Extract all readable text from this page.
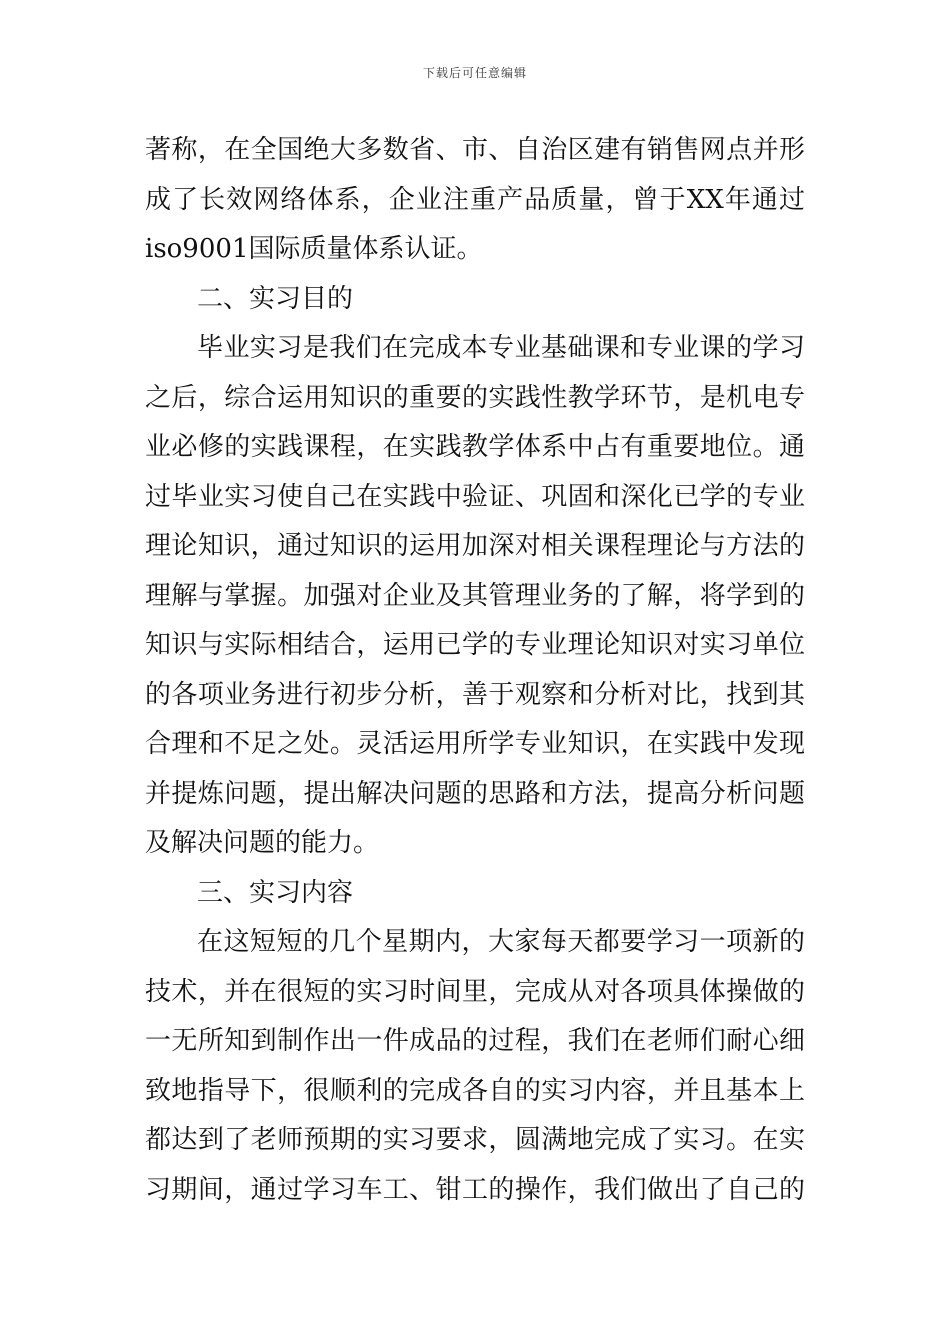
下载后可任意编辑
著称，在全国绝大多数省、市、自治区建有销售网点并形
成了长效网络体系，企业注重产品质量，曾于XX年通过
iso9001国际质量体系认证。
二、实习目的
毕业实习是我们在完成本专业基础课和专业课的学习
之后，综合运用知识的重要的实践性教学环节，是机电专
业必修的实践课程，在实践教学体系中占有重要地位。通
过毕业实习使自己在实践中验证、巩固和深化已学的专业
理论知识，通过知识的运用加深对相关课程理论与方法的
理解与掌握。加强对企业及其管理业务的了解，将学到的
知识与实际相结合，运用已学的专业理论知识对实习单位
的各项业务进行初步分析，善于观察和分析对比，找到其
合理和不足之处。灵活运用所学专业知识，在实践中发现
并提炼问题，提出解决问题的思路和方法，提高分析问题
及解决问题的能力。
三、实习内容
在这短短的几个星期内，大家每天都要学习一项新的
技术，并在很短的实习时间里，完成从对各项具体操做的
一无所知到制作出一件成品的过程，我们在老师们耐心细
致地指导下，很顺利的完成各自的实习内容，并且基本上
都达到了老师预期的实习要求，圆满地完成了实习。在实
习期间，通过学习车工、钳工的操作，我们做出了自己的
